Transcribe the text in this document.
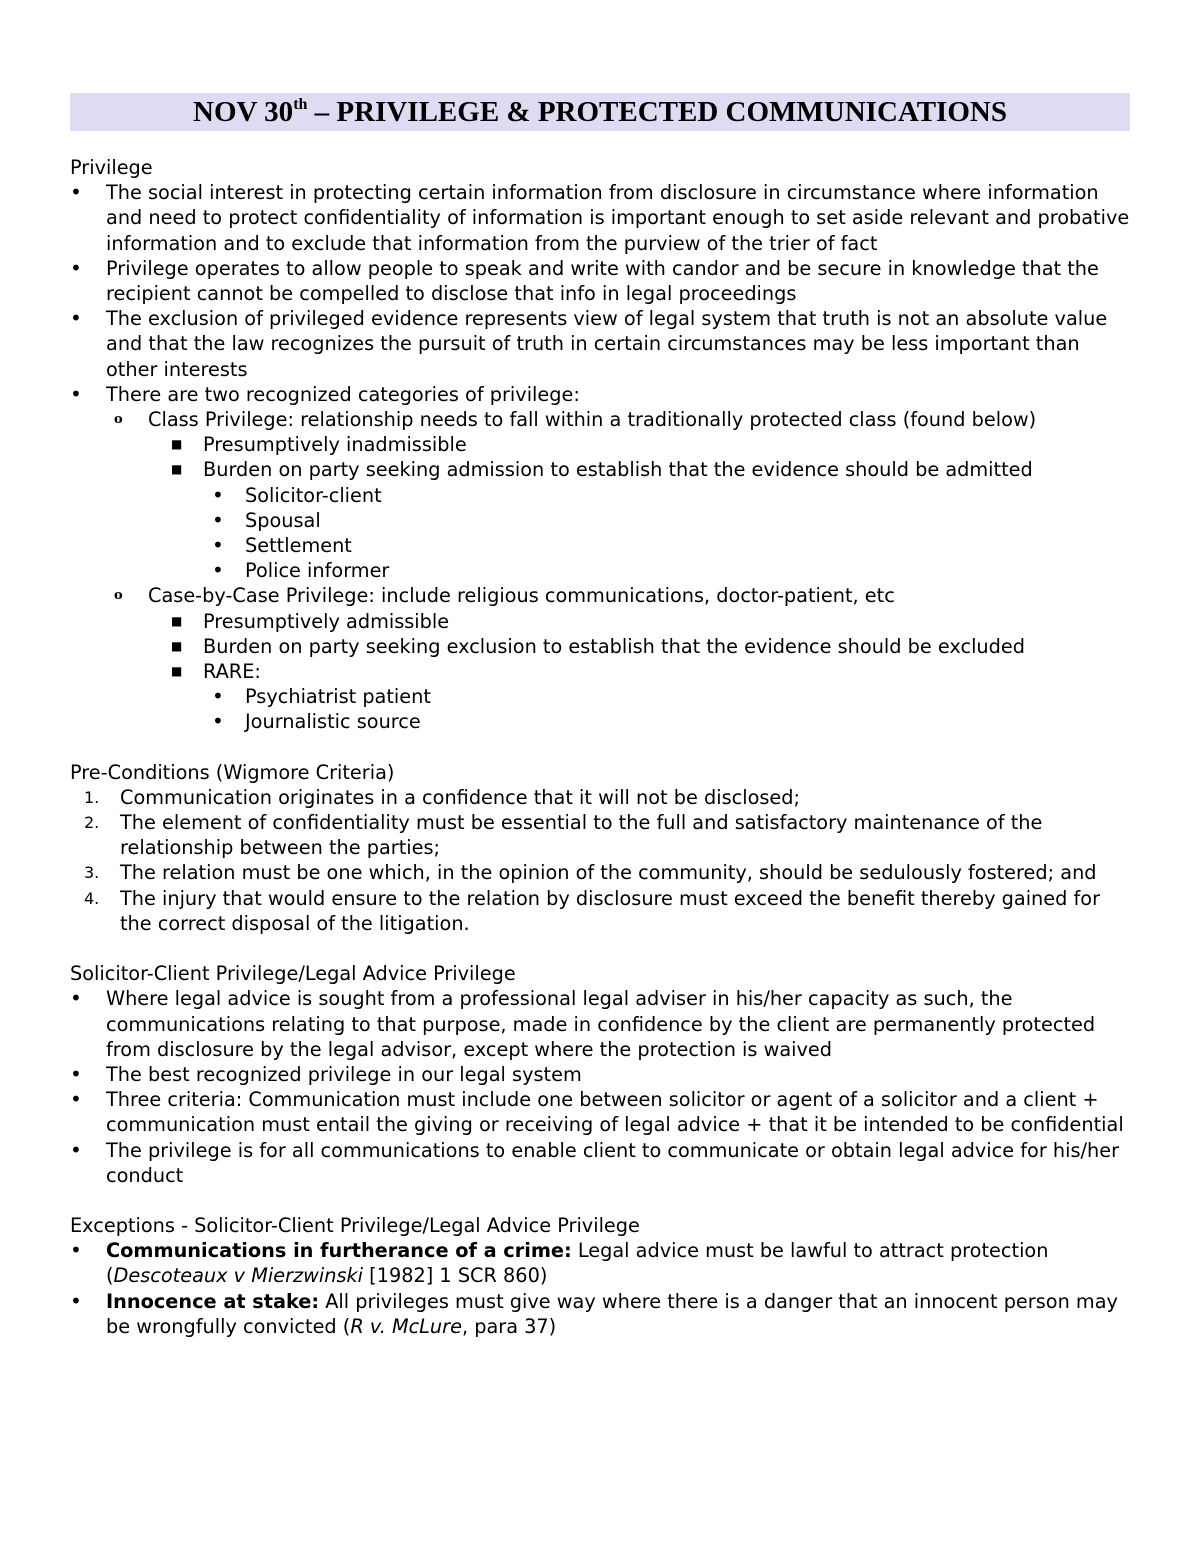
NOV 30th – PRIVILEGE & PROTECTED COMMUNICATIONS
Privilege
• The social interest in protecting certain information from disclosure in circumstance where information and need to protect confidentiality of information is important enough to set aside relevant and probative information and to exclude that information from the purview of the trier of fact
• Privilege operates to allow people to speak and write with candor and be secure in knowledge that the recipient cannot be compelled to disclose that info in legal proceedings
• The exclusion of privileged evidence represents view of legal system that truth is not an absolute value and that the law recognizes the pursuit of truth in certain circumstances may be less important than other interests
• There are two recognized categories of privilege:
o Class Privilege: relationship needs to fall within a traditionally protected class (found below)
■ Presumptively inadmissible
■ Burden on party seeking admission to establish that the evidence should be admitted
• Solicitor-client
• Spousal
• Settlement
• Police informer
o Case-by-Case Privilege: include religious communications, doctor-patient, etc
■ Presumptively admissible
■ Burden on party seeking exclusion to establish that the evidence should be excluded
■ RARE:
• Psychiatrist patient
• Journalistic source
Pre-Conditions (Wigmore Criteria)
1. Communication originates in a confidence that it will not be disclosed;
2. The element of confidentiality must be essential to the full and satisfactory maintenance of the relationship between the parties;
3. The relation must be one which, in the opinion of the community, should be sedulously fostered; and
4. The injury that would ensure to the relation by disclosure must exceed the benefit thereby gained for the correct disposal of the litigation.
Solicitor-Client Privilege/Legal Advice Privilege
• Where legal advice is sought from a professional legal adviser in his/her capacity as such, the communications relating to that purpose, made in confidence by the client are permanently protected from disclosure by the legal advisor, except where the protection is waived
• The best recognized privilege in our legal system
• Three criteria: Communication must include one between solicitor or agent of a solicitor and a client + communication must entail the giving or receiving of legal advice + that it be intended to be confidential
• The privilege is for all communications to enable client to communicate or obtain legal advice for his/her conduct
Exceptions - Solicitor-Client Privilege/Legal Advice Privilege
• Communications in furtherance of a crime: Legal advice must be lawful to attract protection (Descoteaux v Mierzwinski [1982] 1 SCR 860)
• Innocence at stake: All privileges must give way where there is a danger that an innocent person may be wrongfully convicted (R v. McLure, para 37)
